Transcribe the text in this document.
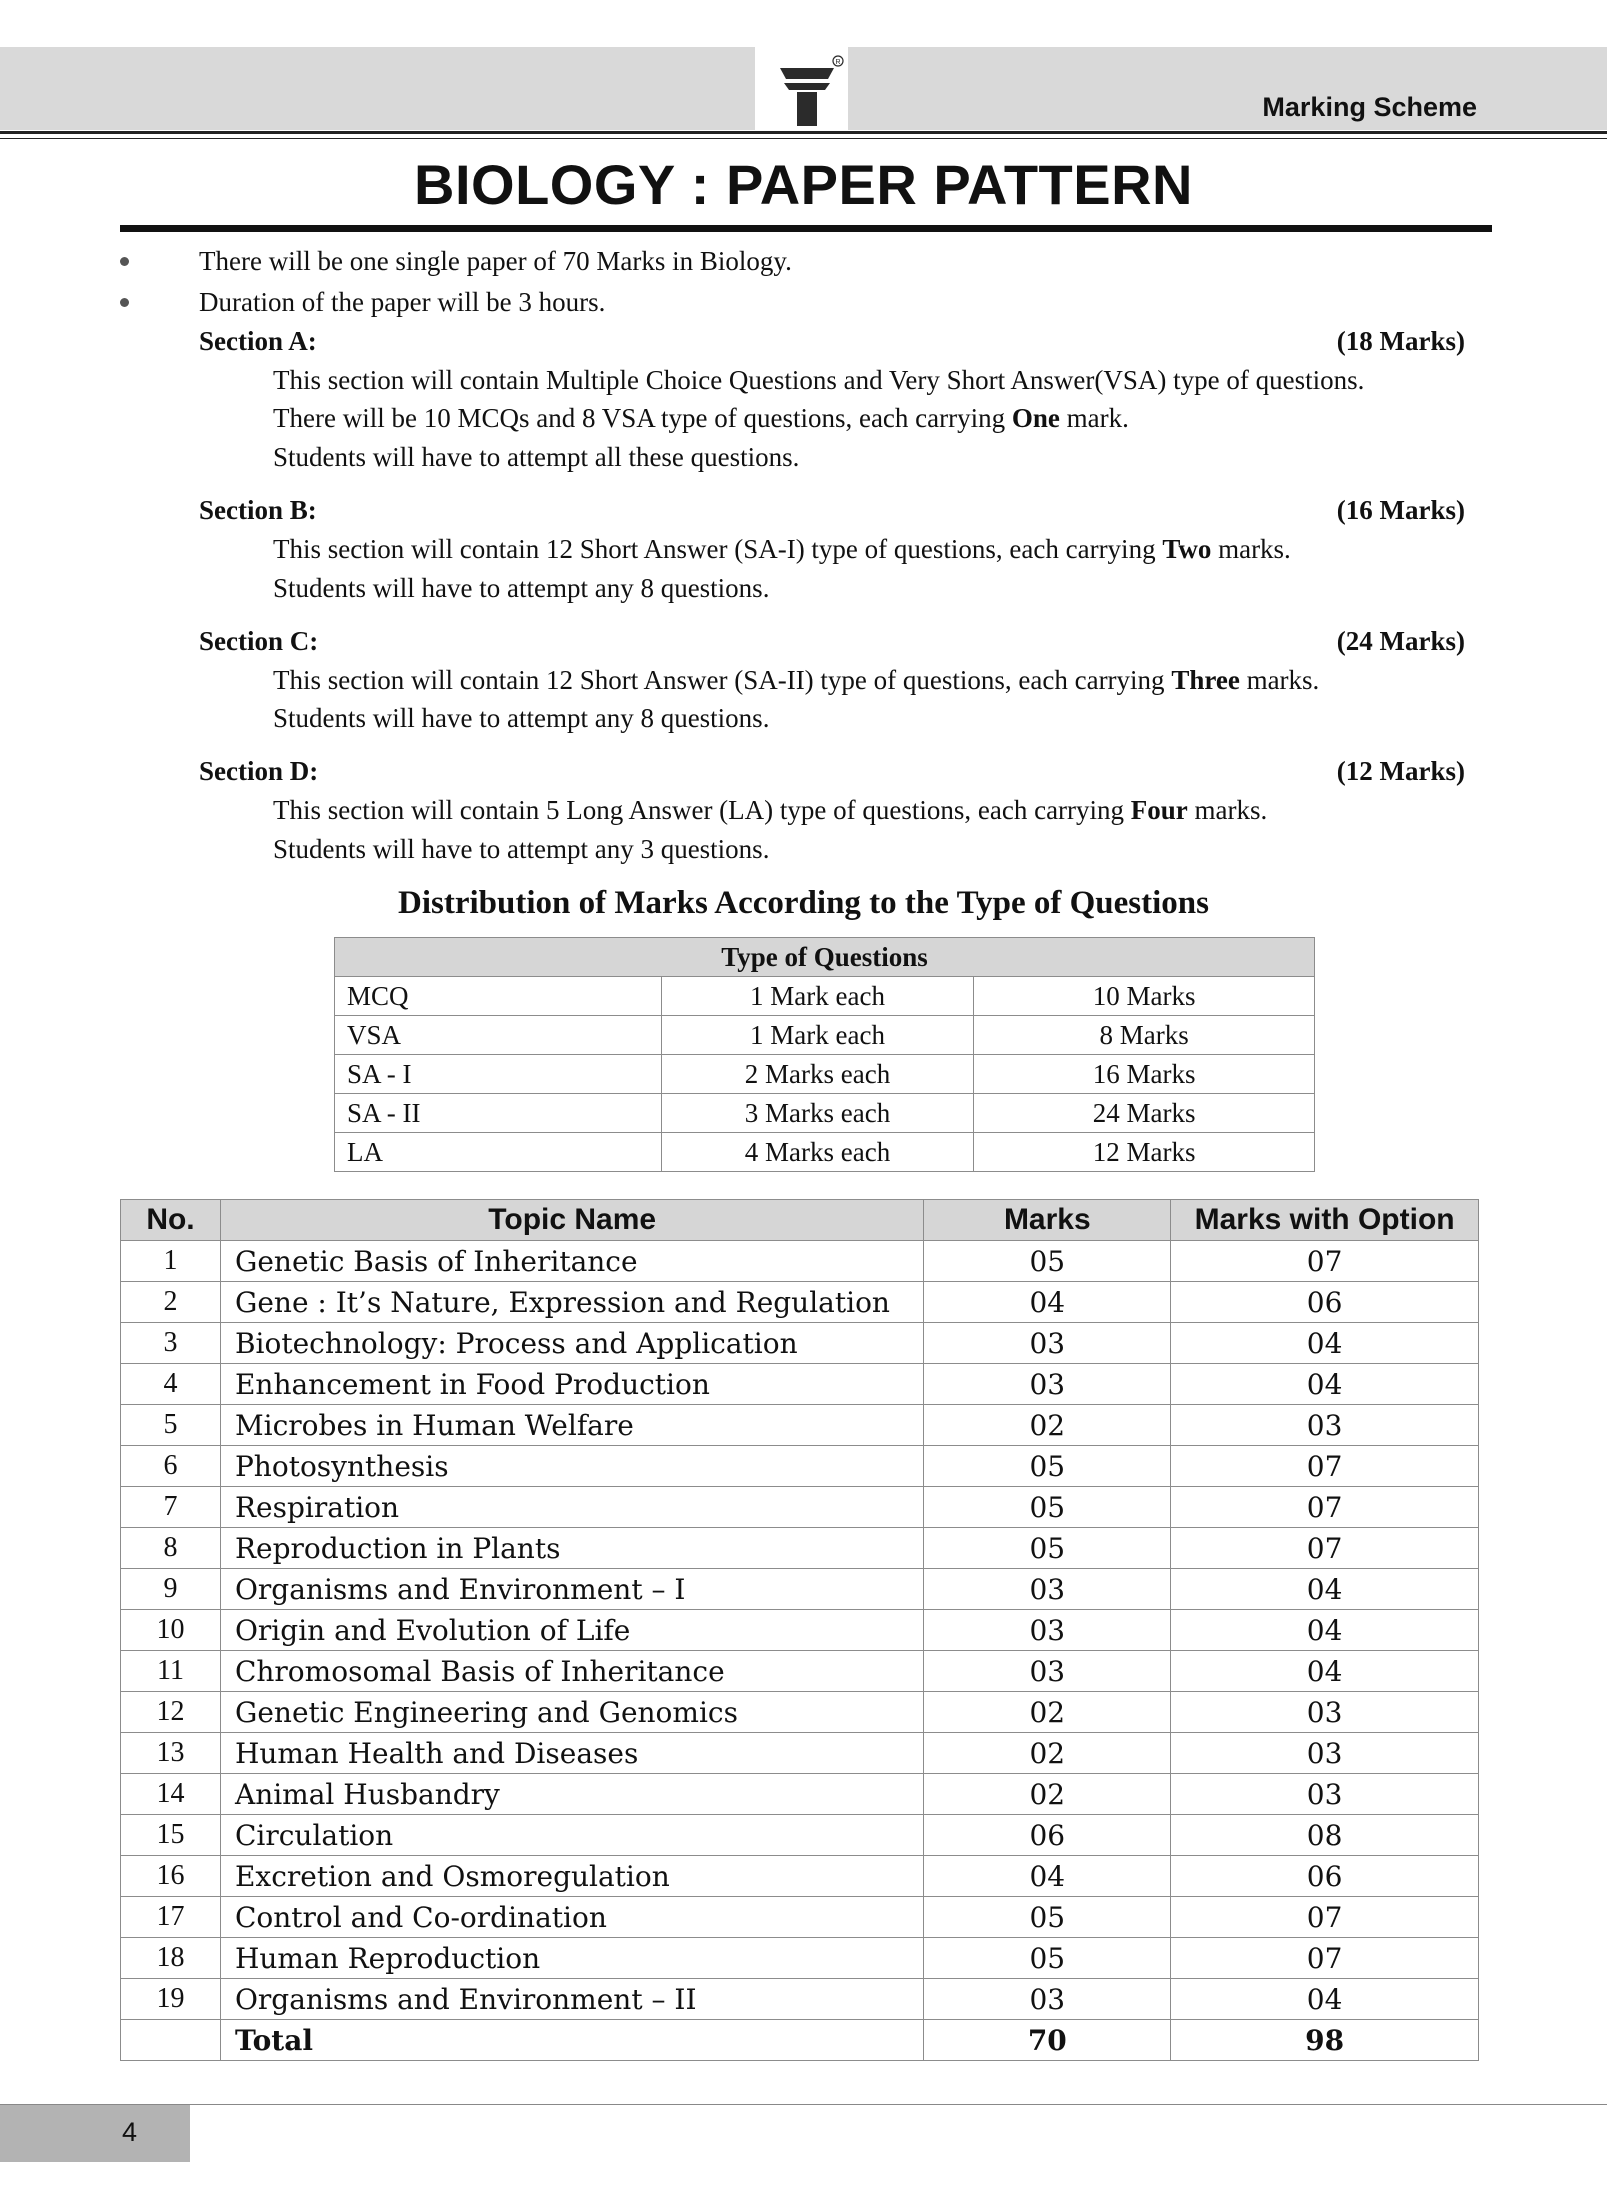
R
Marking Scheme
BIOLOGY : PAPER PATTERN
There will be one single paper of 70 Marks in Biology.
Duration of the paper will be 3 hours.
Section A:	(18 Marks)
This section will contain Multiple Choice Questions and Very Short Answer(VSA) type of questions.
There will be 10 MCQs and 8 VSA type of questions, each carrying One mark.
Students will have to attempt all these questions.
Section B:	(16 Marks)
This section will contain 12 Short Answer (SA-I) type of questions, each carrying Two marks.
Students will have to attempt any 8 questions.
Section C:	(24 Marks)
This section will contain 12 Short Answer (SA-II) type of questions, each carrying Three marks.
Students will have to attempt any 8 questions.
Section D:	(12 Marks)
This section will contain 5 Long Answer (LA) type of questions, each carrying Four marks.
Students will have to attempt any 3 questions.
Distribution of Marks According to the Type of Questions
Type of Questions		
MCQ	1 Mark each	10 Marks
VSA	1 Mark each	8 Marks
SA - I	2 Marks each	16 Marks
SA - II	3 Marks each	24 Marks
LA	4 Marks each	12 Marks
No.	Topic Name	Marks	Marks with Option
1	Genetic Basis of Inheritance	05	07
2	Gene : It’s Nature, Expression and Regulation	04	06
3	Biotechnology: Process and Application	03	04
4	Enhancement in Food Production	03	04
5	Microbes in Human Welfare	02	03
6	Photosynthesis	05	07
7	Respiration	05	07
8	Reproduction in Plants	05	07
9	Organisms and Environment – I	03	04
10	Origin and Evolution of Life	03	04
11	Chromosomal Basis of Inheritance	03	04
12	Genetic Engineering and Genomics	02	03
13	Human Health and Diseases	02	03
14	Animal Husbandry	02	03
15	Circulation	06	08
16	Excretion and Osmoregulation	04	06
17	Control and Co-ordination	05	07
18	Human Reproduction	05	07
19	Organisms and Environment – II	03	04
	Total	70	98
4
